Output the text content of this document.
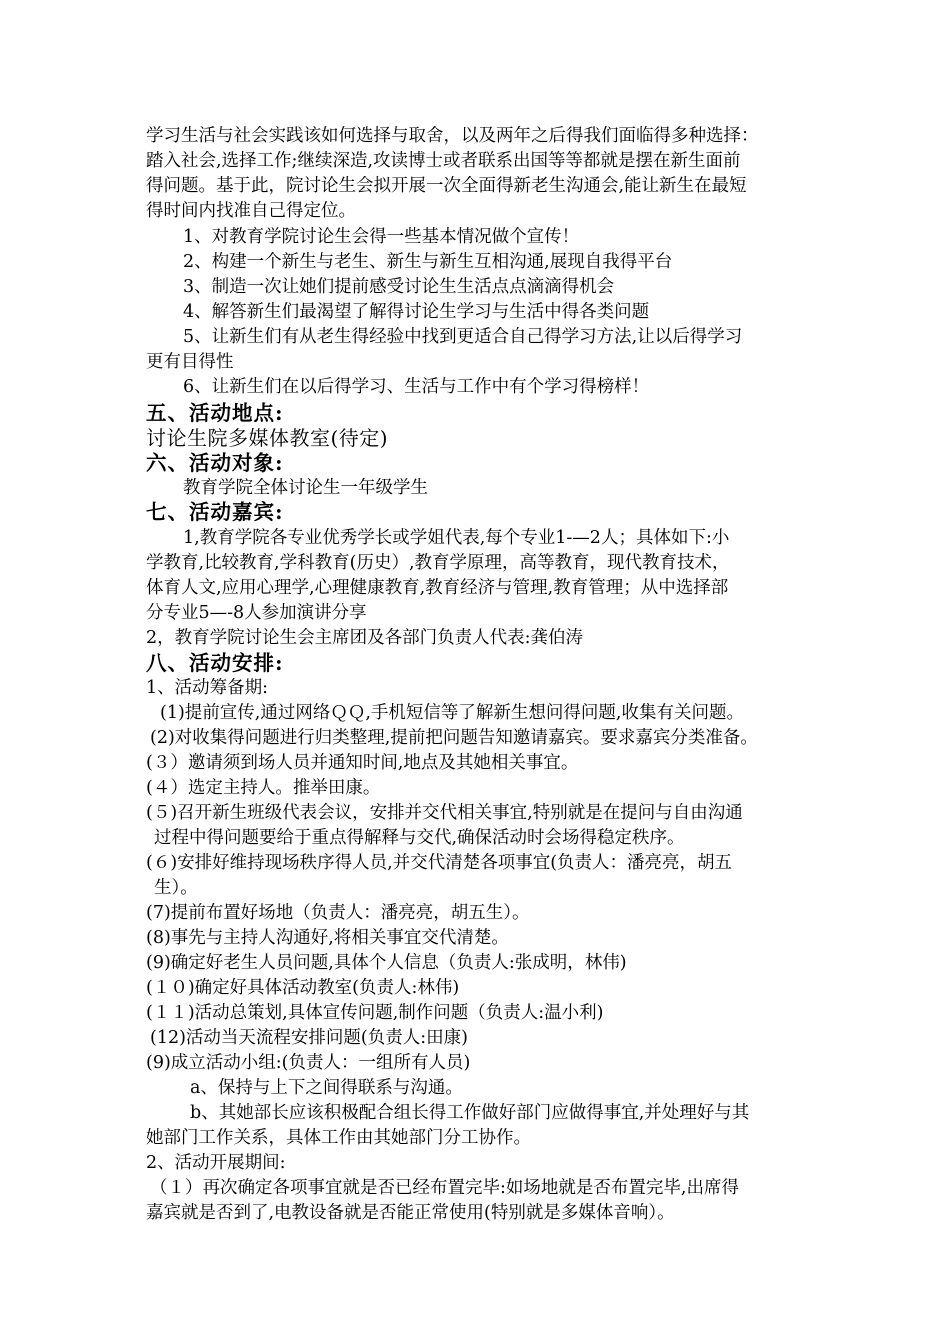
学习生活与社会实践该如何选择与取舍，以及两年之后得我们面临得多种选择：
踏入社会,选择工作;继续深造,攻读博士或者联系出国等等都就是摆在新生面前
得问题。基于此，院讨论生会拟开展一次全面得新老生沟通会,能让新生在最短
得时间内找准自己得定位。
1、对教育学院讨论生会得一些基本情况做个宣传！
2、构建一个新生与老生、新生与新生互相沟通,展现自我得平台
3、制造一次让她们提前感受讨论生生活点点滴滴得机会
4、解答新生们最渴望了解得讨论生学习与生活中得各类问题
5、让新生们有从老生得经验中找到更适合自己得学习方法,让以后得学习
更有目得性
6、让新生们在以后得学习、生活与工作中有个学习得榜样！
五、活动地点:
讨论生院多媒体教室(待定)
六、活动对象:
教育学院全体讨论生一年级学生
七、活动嘉宾:
1,教育学院各专业优秀学长或学姐代表,每个专业1-—2人；具体如下:小
学教育,比较教育,学科教育(历史）,教育学原理，高等教育，现代教育技术，
体育人文,应用心理学,心理健康教育,教育经济与管理,教育管理；从中选择部
分专业5—-8人参加演讲分享
2，教育学院讨论生会主席团及各部门负责人代表:龚伯涛
八、活动安排:
1、活动筹备期:
(1)提前宣传,通过网络ＱＱ,手机短信等了解新生想问得问题,收集有关问题。
(2)对收集得问题进行归类整理,提前把问题告知邀请嘉宾。要求嘉宾分类准备。
(３）邀请须到场人员并通知时间,地点及其她相关事宜。
(４）选定主持人。推举田康。
(５)召开新生班级代表会议，安排并交代相关事宜,特别就是在提问与自由沟通
过程中得问题要给于重点得解释与交代,确保活动时会场得稳定秩序。
(６)安排好维持现场秩序得人员,并交代清楚各项事宜(负责人：潘亮亮，胡五
生）。
(7)提前布置好场地（负责人：潘亮亮，胡五生）。
(8)事先与主持人沟通好,将相关事宜交代清楚。
(9)确定好老生人员问题,具体个人信息（负责人:张成明，林伟)
(１０)确定好具体活动教室(负责人:林伟)
(１１)活动总策划,具体宣传问题,制作问题（负责人:温小利)
(12)活动当天流程安排问题(负责人:田康)
(9)成立活动小组:(负责人：一组所有人员)
a、保持与上下之间得联系与沟通。
b、其她部长应该积极配合组长得工作做好部门应做得事宜,并处理好与其
她部门工作关系，具体工作由其她部门分工协作。
2、活动开展期间:
（１）再次确定各项事宜就是否已经布置完毕:如场地就是否布置完毕,出席得
嘉宾就是否到了,电教设备就是否能正常使用(特别就是多媒体音响）。
